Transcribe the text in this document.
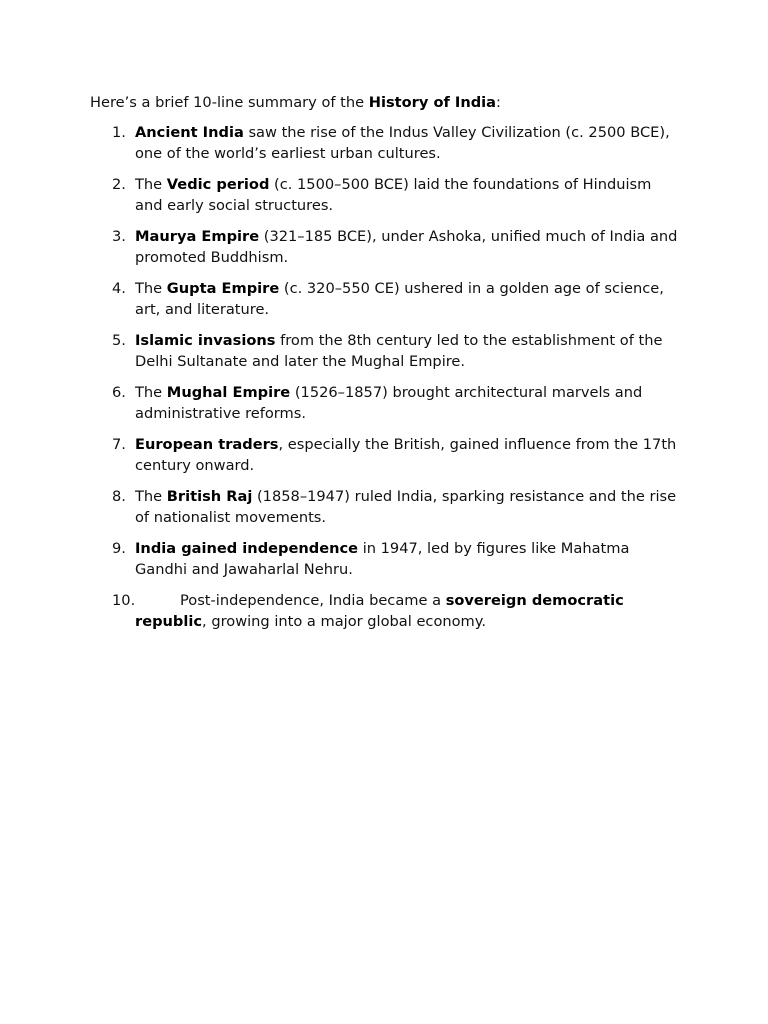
Here’s a brief 10-line summary of the History of India:

1. Ancient India saw the rise of the Indus Valley Civilization (c. 2500 BCE), one of the world’s earliest urban cultures.
2. The Vedic period (c. 1500–500 BCE) laid the foundations of Hinduism and early social structures.
3. Maurya Empire (321–185 BCE), under Ashoka, unified much of India and promoted Buddhism.
4. The Gupta Empire (c. 320–550 CE) ushered in a golden age of science, art, and literature.
5. Islamic invasions from the 8th century led to the establishment of the Delhi Sultanate and later the Mughal Empire.
6. The Mughal Empire (1526–1857) brought architectural marvels and administrative reforms.
7. European traders, especially the British, gained influence from the 17th century onward.
8. The British Raj (1858–1947) ruled India, sparking resistance and the rise of nationalist movements.
9. India gained independence in 1947, led by figures like Mahatma Gandhi and Jawaharlal Nehru.
10.	Post-independence, India became a sovereign democratic republic, growing into a major global economy.
